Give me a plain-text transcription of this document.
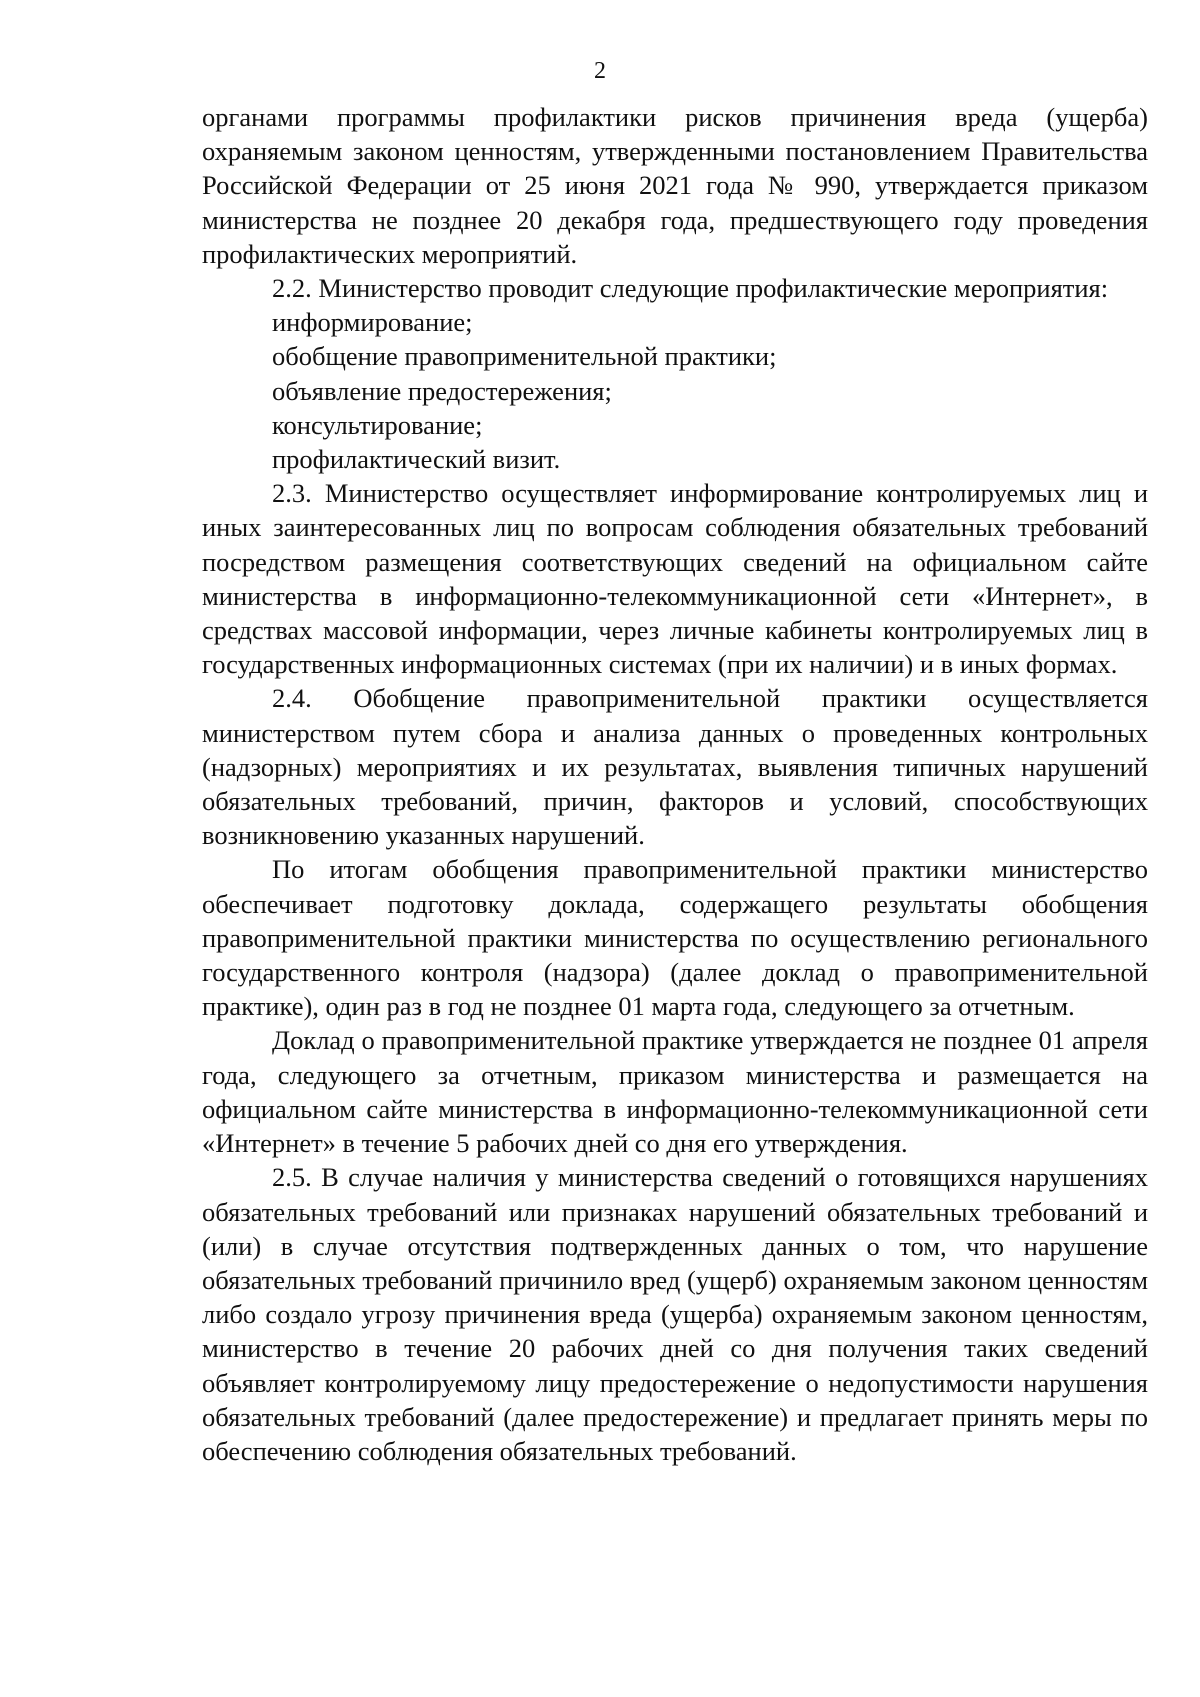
2

органами программы профилактики рисков причинения вреда (ущерба) охраняемым законом ценностям, утвержденными постановлением Правительства Российской Федерации от 25 июня 2021 года № 990, утверждается приказом министерства не позднее 20 декабря года, предшествующего году проведения профилактических мероприятий.

2.2. Министерство проводит следующие профилактические мероприятия:

информирование;

обобщение правоприменительной практики;

объявление предостережения;

консультирование;

профилактический визит.

2.3. Министерство осуществляет информирование контролируемых лиц и иных заинтересованных лиц по вопросам соблюдения обязательных требований посредством размещения соответствующих сведений на официальном сайте министерства в информационно-телекоммуникационной сети «Интернет», в средствах массовой информации, через личные кабинеты контролируемых лиц в государственных информационных системах (при их наличии) и в иных формах.

2.4. Обобщение правоприменительной практики осуществляется министерством путем сбора и анализа данных о проведенных контрольных (надзорных) мероприятиях и их результатах, выявления типичных нарушений обязательных требований, причин, факторов и условий, способствующих возникновению указанных нарушений.

По итогам обобщения правоприменительной практики министерство обеспечивает подготовку доклада, содержащего результаты обобщения правоприменительной практики министерства по осуществлению регионального государственного контроля (надзора) (далее доклад о правоприменительной практике), один раз в год не позднее 01 марта года, следующего за отчетным.

Доклад о правоприменительной практике утверждается не позднее 01 апреля года, следующего за отчетным, приказом министерства и размещается на официальном сайте министерства в информационно-телекоммуникационной сети «Интернет» в течение 5 рабочих дней со дня его утверждения.

2.5. В случае наличия у министерства сведений о готовящихся нарушениях обязательных требований или признаках нарушений обязательных требований и (или) в случае отсутствия подтвержденных данных о том, что нарушение обязательных требований причинило вред (ущерб) охраняемым законом ценностям либо создало угрозу причинения вреда (ущерба) охраняемым законом ценностям, министерство в течение 20 рабочих дней со дня получения таких сведений объявляет контролируемому лицу предостережение о недопустимости нарушения обязательных требований (далее предостережение) и предлагает принять меры по обеспечению соблюдения обязательных требований.
